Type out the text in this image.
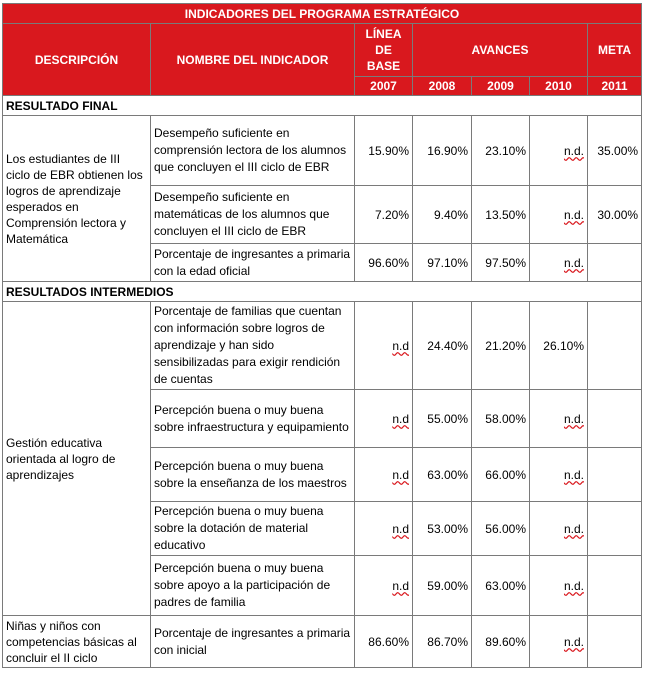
INDICADORES DEL PROGRAMA ESTRATÉGICO						
DESCRIPCIÓN	NOMBRE DEL INDICADOR	LÍNEA DE BASE	AVANCES			META
		2007	2008	2009	2010	2011
RESULTADO FINAL						
Los estudiantes de III ciclo de EBR obtienen los logros de aprendizaje esperados en Comprensión lectora y Matemática	Desempeño suficiente en comprensión lectora de los alumnos que concluyen el III ciclo de EBR	15.90%	16.90%	23.10%	n.d.	35.00%
	Desempeño suficiente en matemáticas de los alumnos que concluyen el III ciclo de EBR	7.20%	9.40%	13.50%	n.d.	30.00%
	Porcentaje de ingresantes a primaria con la edad oficial	96.60%	97.10%	97.50%	n.d.	
RESULTADOS INTERMEDIOS						
Gestión educativa orientada al logro de aprendizajes	Porcentaje de familias que cuentan con información sobre logros de aprendizaje y han sido sensibilizadas para exigir rendición de cuentas	n.d	24.40%	21.20%	26.10%	
	Percepción buena o muy buena sobre infraestructura y equipamiento	n.d	55.00%	58.00%	n.d.	
	Percepción buena o muy buena sobre la enseñanza de los maestros	n.d	63.00%	66.00%	n.d.	
	Percepción buena o muy buena sobre la dotación de material educativo	n.d	53.00%	56.00%	n.d.	
	Percepción buena o muy buena sobre apoyo a la participación de padres de familia	n.d	59.00%	63.00%	n.d.	
Niñas y niños con competencias básicas al concluir el II ciclo	Porcentaje de ingresantes a primaria con inicial	86.60%	86.70%	89.60%	n.d.	
